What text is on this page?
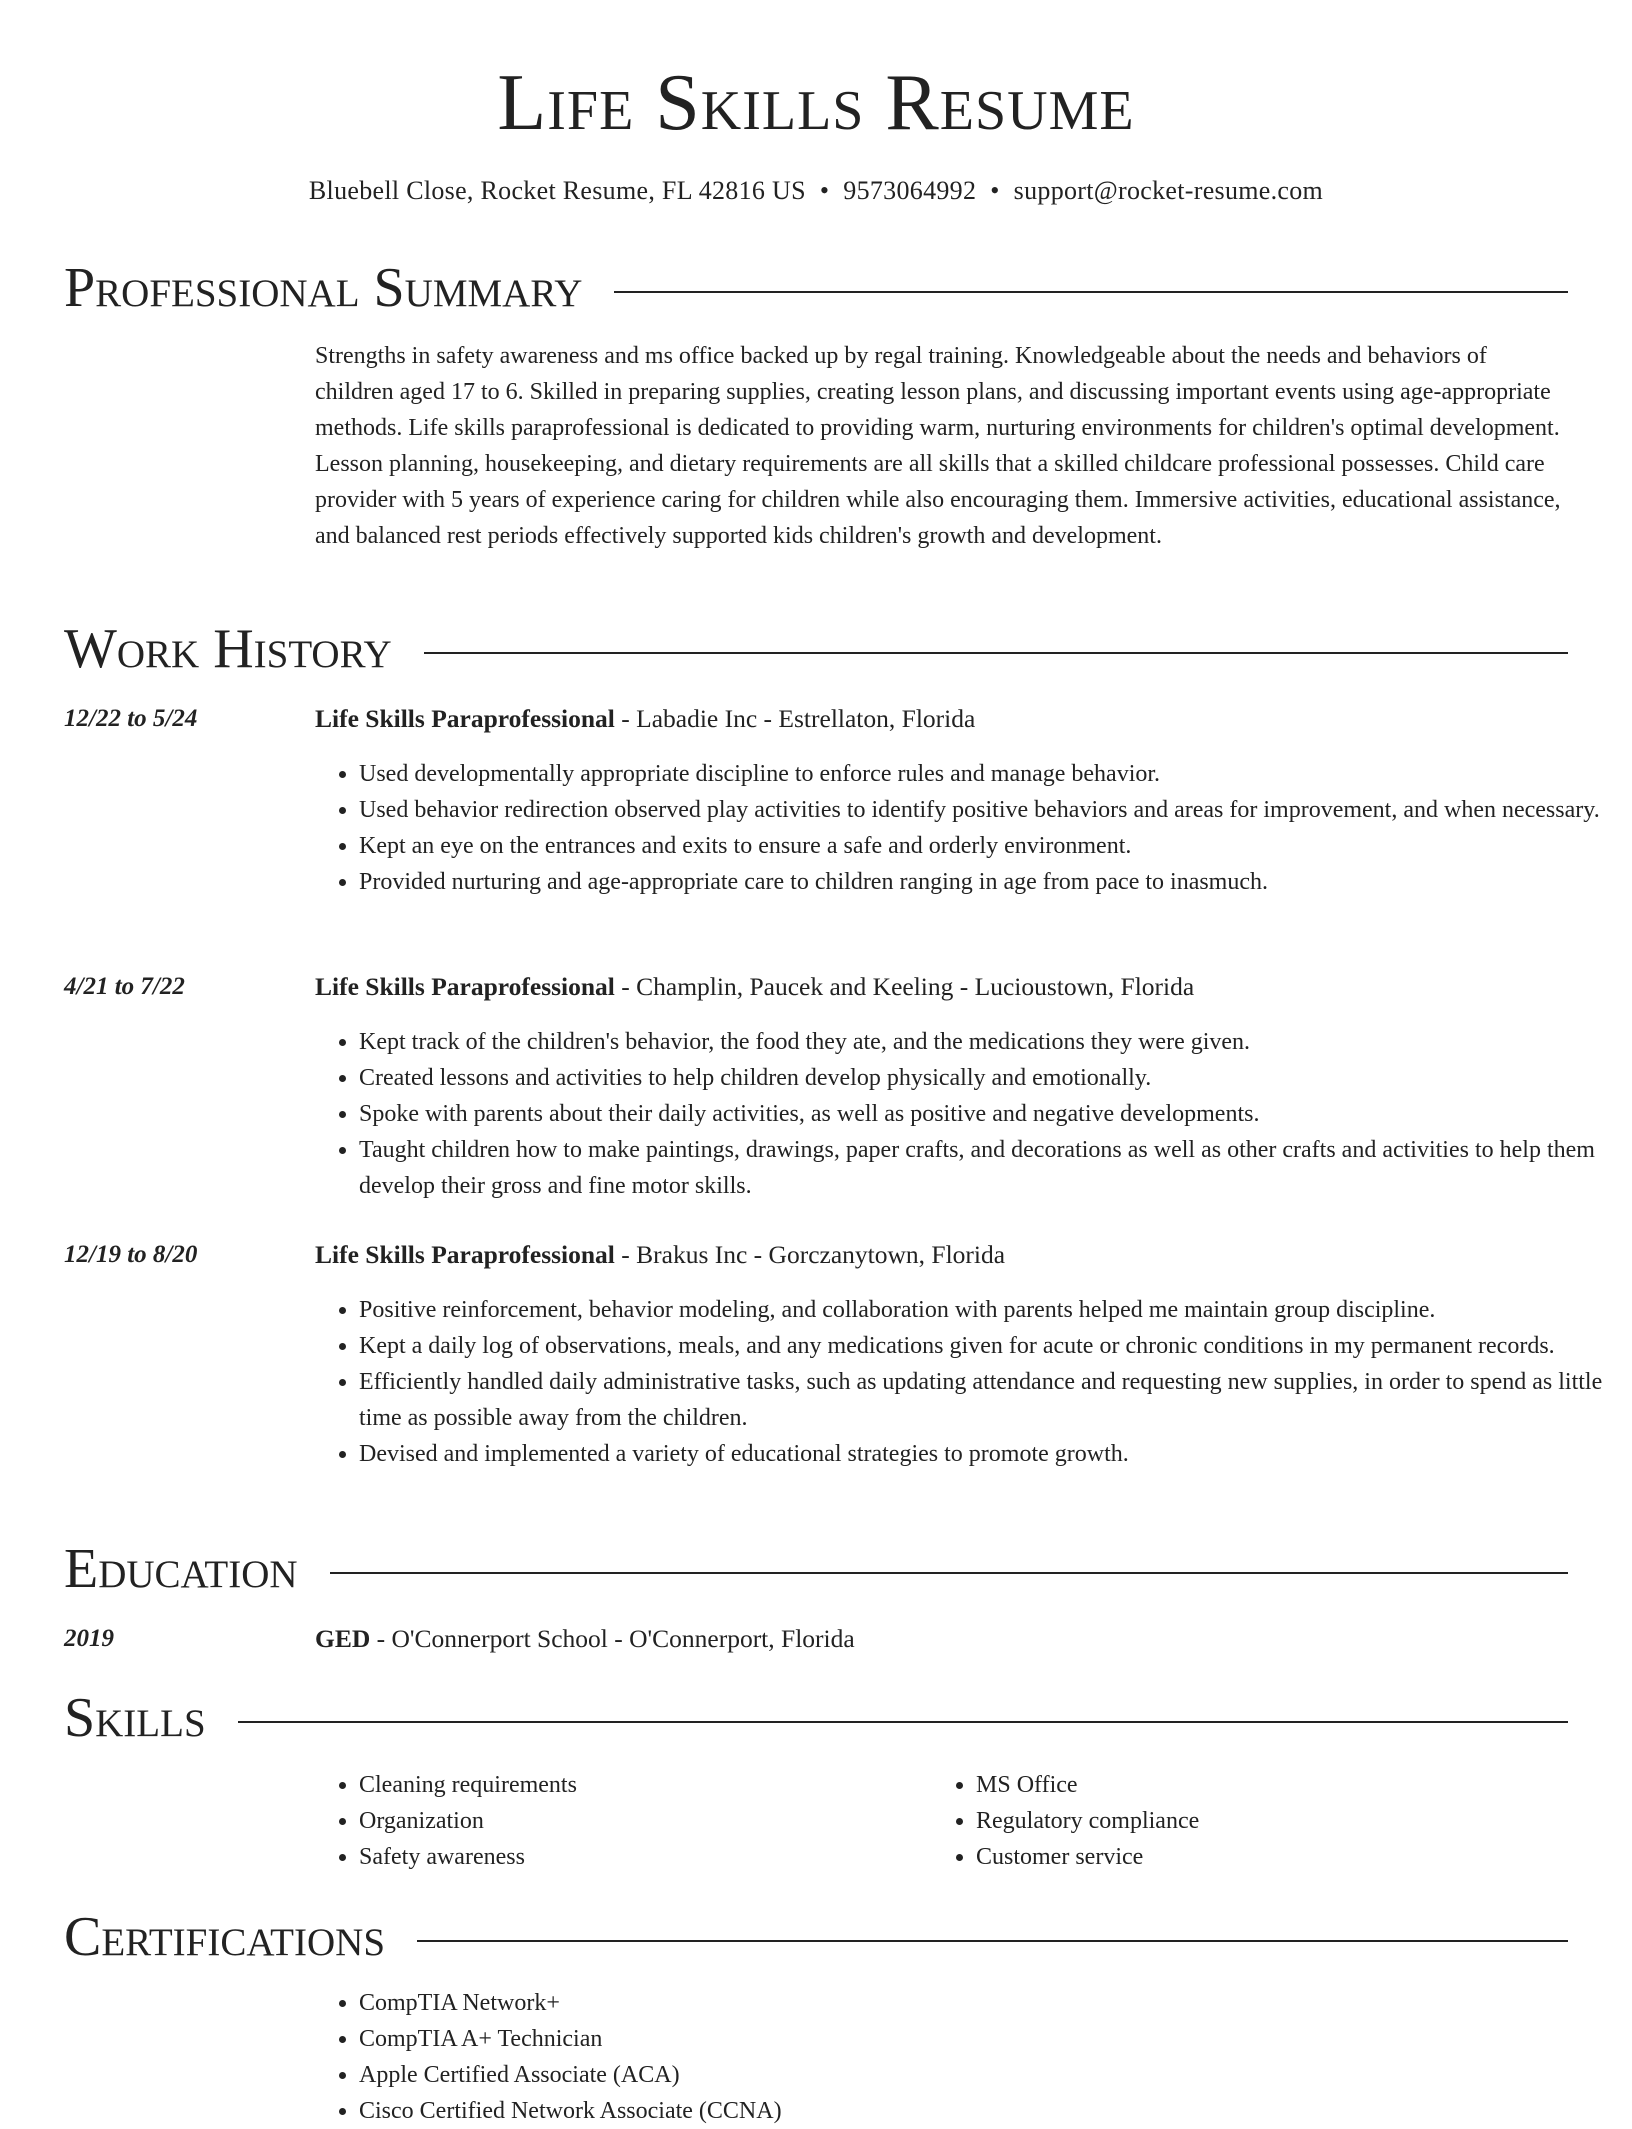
Life Skills Resume
Bluebell Close, Rocket Resume, FL 42816 US • 9573064992 • support@rocket-resume.com
Professional Summary
Strengths in safety awareness and ms office backed up by regal training. Knowledgeable about the needs and behaviors of children aged 17 to 6. Skilled in preparing supplies, creating lesson plans, and discussing important events using age-appropriate methods. Life skills paraprofessional is dedicated to providing warm, nurturing environments for children's optimal development. Lesson planning, housekeeping, and dietary requirements are all skills that a skilled childcare professional possesses. Child care provider with 5 years of experience caring for children while also encouraging them. Immersive activities, educational assistance, and balanced rest periods effectively supported kids children's growth and development.
Work History
12/22 to 5/24	Life Skills Paraprofessional - Labadie Inc - Estrellaton, Florida
• Used developmentally appropriate discipline to enforce rules and manage behavior.
• Used behavior redirection observed play activities to identify positive behaviors and areas for improvement, and when necessary.
• Kept an eye on the entrances and exits to ensure a safe and orderly environment.
• Provided nurturing and age-appropriate care to children ranging in age from pace to inasmuch.
4/21 to 7/22	Life Skills Paraprofessional - Champlin, Paucek and Keeling - Lucioustown, Florida
• Kept track of the children's behavior, the food they ate, and the medications they were given.
• Created lessons and activities to help children develop physically and emotionally.
• Spoke with parents about their daily activities, as well as positive and negative developments.
• Taught children how to make paintings, drawings, paper crafts, and decorations as well as other crafts and activities to help them develop their gross and fine motor skills.
12/19 to 8/20	Life Skills Paraprofessional - Brakus Inc - Gorczanytown, Florida
• Positive reinforcement, behavior modeling, and collaboration with parents helped me maintain group discipline.
• Kept a daily log of observations, meals, and any medications given for acute or chronic conditions in my permanent records.
• Efficiently handled daily administrative tasks, such as updating attendance and requesting new supplies, in order to spend as little time as possible away from the children.
• Devised and implemented a variety of educational strategies to promote growth.
Education
2019	GED - O'Connerport School - O'Connerport, Florida
Skills
• Cleaning requirements
• Organization
• Safety awareness
• MS Office
• Regulatory compliance
• Customer service
Certifications
• CompTIA Network+
• CompTIA A+ Technician
• Apple Certified Associate (ACA)
• Cisco Certified Network Associate (CCNA)
